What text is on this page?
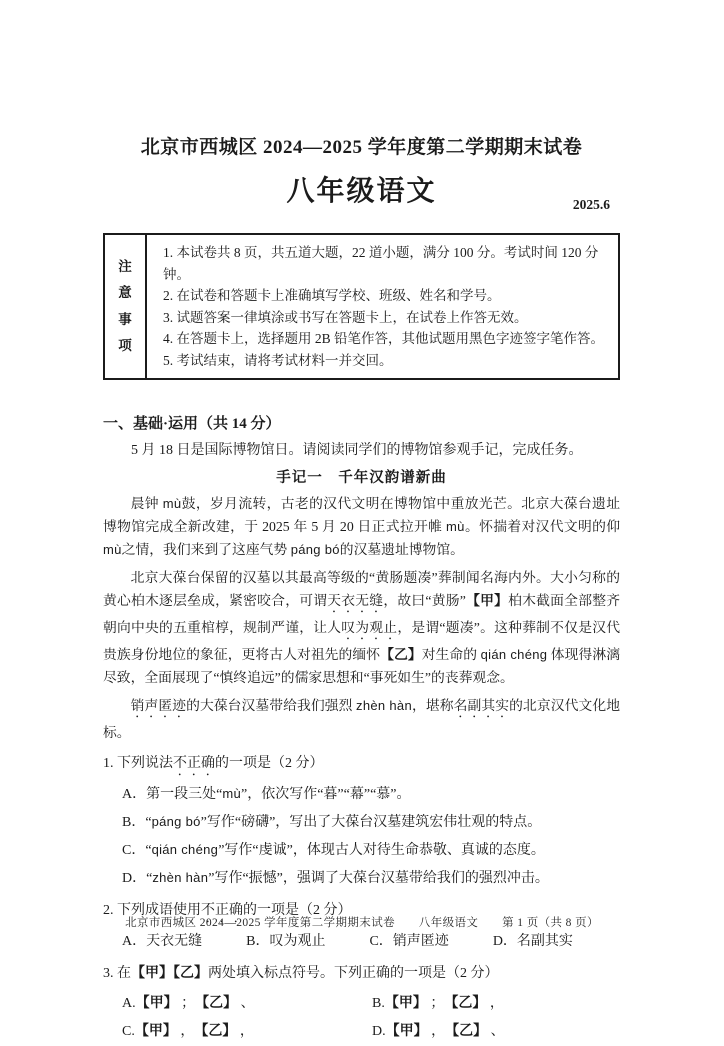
北京市西城区 2024—2025 学年度第二学期期末试卷
八年级语文	2025.6
注意事项
1. 本试卷共 8 页，共五道大题，22 道小题，满分 100 分。考试时间 120 分钟。
2. 在试卷和答题卡上准确填写学校、班级、姓名和学号。
3. 试题答案一律填涂或书写在答题卡上，在试卷上作答无效。
4. 在答题卡上，选择题用 2B 铅笔作答，其他试题用黑色字迹签字笔作答。
5. 考试结束，请将考试材料一并交回。
一、基础·运用（共 14 分）

5 月 18 日是国际博物馆日。请阅读同学们的博物馆参观手记，完成任务。

手记一　千年汉韵谱新曲

晨钟 mù鼓，岁月流转，古老的汉代文明在博物馆中重放光芒。北京大葆台遗址博物馆完成全新改建，于 2025 年 5 月 20 日正式拉开帷 mù。怀揣着对汉代文明的仰 mù之情，我们来到了这座气势 páng bó的汉墓遗址博物馆。

北京大葆台保留的汉墓以其最高等级的“黄肠题凑”葬制闻名海内外。大小匀称的黄心柏木逐层垒成，紧密咬合，可谓天衣无缝，故曰“黄肠”【甲】柏木截面全部整齐朝向中央的五重棺椁，规制严谨，让人叹为观止，是谓“题凑”。这种葬制不仅是汉代贵族身份地位的象征，更将古人对祖先的缅怀【乙】对生命的 qián chéng 体现得淋漓尽致，全面展现了“慎终追远”的儒家思想和“事死如生”的丧葬观念。

销声匿迹的大葆台汉墓带给我们强烈 zhèn hàn，堪称名副其实的北京汉代文化地标。

1. 下列说法不正确的一项是（2 分）

A．第一段三处“mù”，依次写作“暮”“幕”“慕”。

B．“páng bó”写作“磅礴”，写出了大葆台汉墓建筑宏伟壮观的特点。

C．“qián chéng”写作“虔诚”，体现古人对待生命恭敬、真诚的态度。

D．“zhèn hàn”写作“振憾”，强调了大葆台汉墓带给我们的强烈冲击。

2. 下列成语使用不正确的一项是（2 分）

A．天衣无缝	B．叹为观止	C．销声匿迹	D．名副其实

3. 在【甲】【乙】两处填入标点符号。下列正确的一项是（2 分）

A.【甲】 ；　【乙】 、	B.【甲】 ；　【乙】 ，
C.【甲】 ，　【乙】 ，	D.【甲】 ，　【乙】 、
北京市西城区 2024—2025 学年度第二学期期末试卷　　八年级语文　　第 1 页（共 8 页）
